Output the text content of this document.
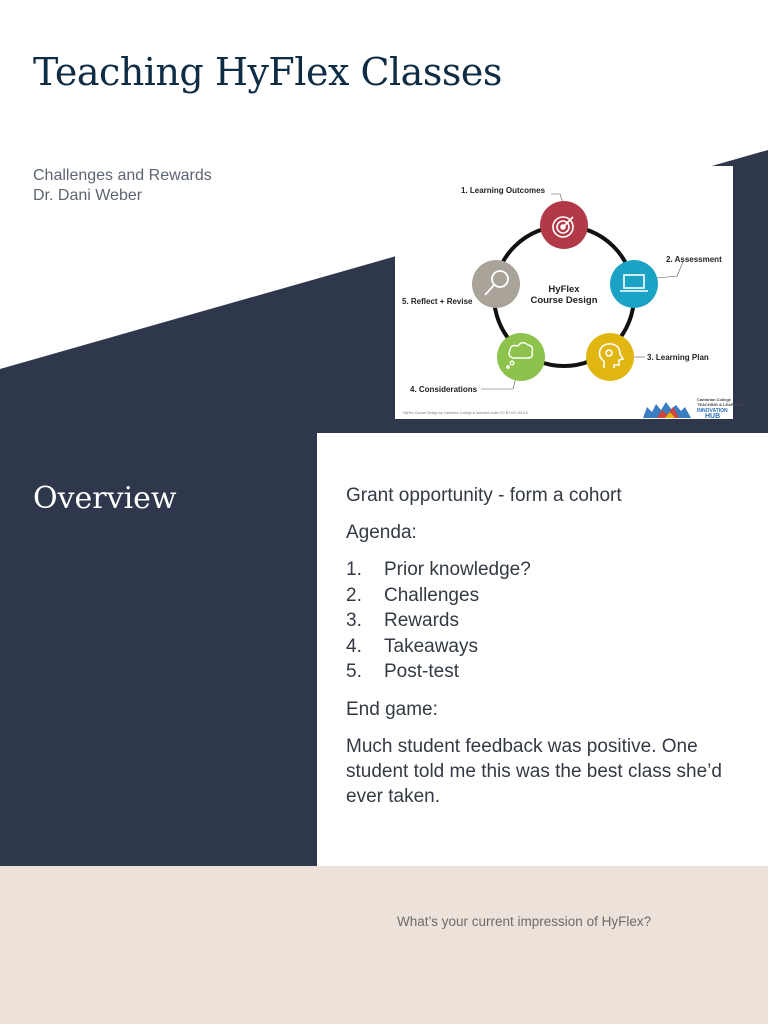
Teaching HyFlex Classes
Challenges and Rewards
Dr. Dani Weber	1. Learning Outcomes
2. Assessment
3. Learning Plan
4. Considerations
5. Reflect + Revise
HyFlex
Course Design
HyFlex Course Design by Cambrian College is licensed under CC BY-NC-SA 4.0
Cambrian College
TEACHING & LEARNING
INNOVATION
HUB
Overview	Grant opportunity - form a cohort

Agenda:

1.	Prior knowledge?
2.	Challenges
3.	Rewards
4.	Takeaways
5.	Post-test

End game:

Much student feedback was positive. One student told me this was the best class she’d ever taken.

What’s your current impression of HyFlex?
